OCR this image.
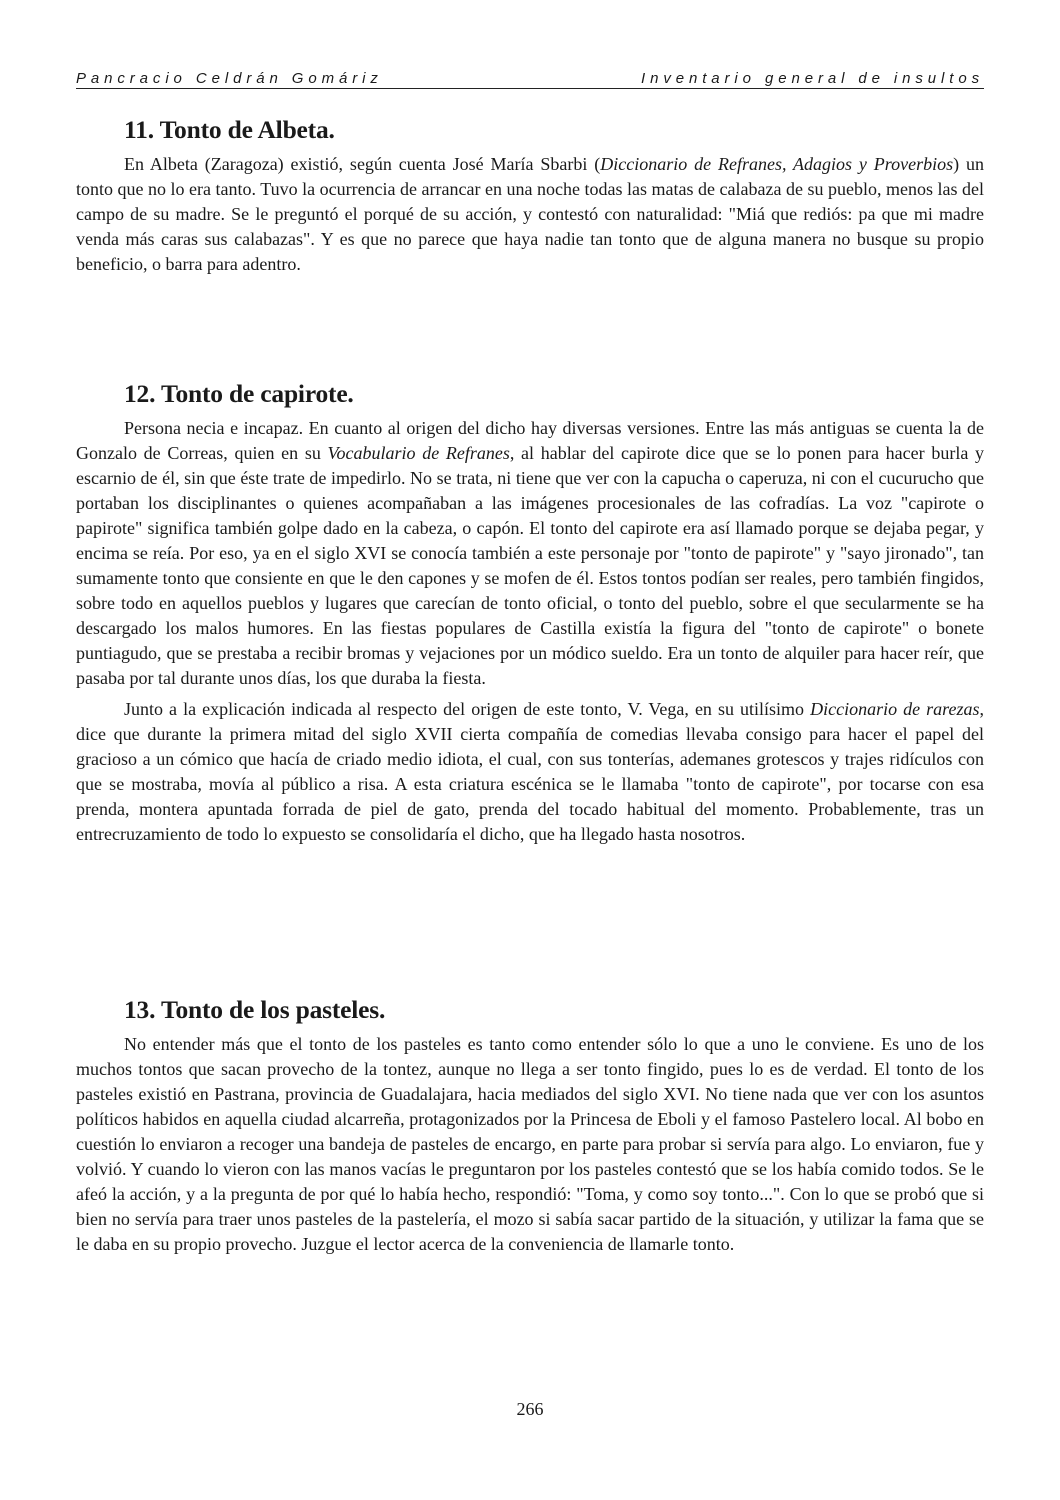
Pancracio Celdrán Gomáriz	Inventario general de insultos
11. Tonto de Albeta.

En Albeta (Zaragoza) existió, según cuenta José María Sbarbi (Diccionario de Refranes, Adagios y Proverbios) un tonto que no lo era tanto. Tuvo la ocurrencia de arrancar en una noche todas las matas de calabaza de su pueblo, menos las del campo de su madre. Se le preguntó el porqué de su acción, y contestó con naturalidad: "Miá que rediós: pa que mi madre venda más caras sus calabazas". Y es que no parece que haya nadie tan tonto que de alguna manera no busque su propio beneficio, o barra para adentro.

12. Tonto de capirote.

Persona necia e incapaz. En cuanto al origen del dicho hay diversas versiones. Entre las más antiguas se cuenta la de Gonzalo de Correas, quien en su Vocabulario de Refranes, al hablar del capirote dice que se lo ponen para hacer burla y escarnio de él, sin que éste trate de impedirlo. No se trata, ni tiene que ver con la capucha o caperuza, ni con el cucurucho que portaban los disciplinantes o quienes acompañaban a las imágenes procesionales de las cofradías. La voz "capirote o papirote" significa también golpe dado en la cabeza, o capón. El tonto del capirote era así llamado porque se dejaba pegar, y encima se reía. Por eso, ya en el siglo XVI se conocía también a este personaje por "tonto de papirote" y "sayo jironado", tan sumamente tonto que consiente en que le den capones y se mofen de él. Estos tontos podían ser reales, pero también fingidos, sobre todo en aquellos pueblos y lugares que carecían de tonto oficial, o tonto del pueblo, sobre el que secularmente se ha descargado los malos humores. En las fiestas populares de Castilla existía la figura del "tonto de capirote" o bonete puntiagudo, que se prestaba a recibir bromas y vejaciones por un módico sueldo. Era un tonto de alquiler para hacer reír, que pasaba por tal durante unos días, los que duraba la fiesta.

Junto a la explicación indicada al respecto del origen de este tonto, V. Vega, en su utilísimo Diccionario de rarezas, dice que durante la primera mitad del siglo XVII cierta compañía de comedias llevaba consigo para hacer el papel del gracioso a un cómico que hacía de criado medio idiota, el cual, con sus tonterías, ademanes grotescos y trajes ridículos con que se mostraba, movía al público a risa. A esta criatura escénica se le llamaba "tonto de capirote", por tocarse con esa prenda, montera apuntada forrada de piel de gato, prenda del tocado habitual del momento. Probablemente, tras un entrecruzamiento de todo lo expuesto se consolidaría el dicho, que ha llegado hasta nosotros.

13. Tonto de los pasteles.

No entender más que el tonto de los pasteles es tanto como entender sólo lo que a uno le conviene. Es uno de los muchos tontos que sacan provecho de la tontez, aunque no llega a ser tonto fingido, pues lo es de verdad. El tonto de los pasteles existió en Pastrana, provincia de Guadalajara, hacia mediados del siglo XVI. No tiene nada que ver con los asuntos políticos habidos en aquella ciudad alcarreña, protagonizados por la Princesa de Eboli y el famoso Pastelero local. Al bobo en cuestión lo enviaron a recoger una bandeja de pasteles de encargo, en parte para probar si servía para algo. Lo enviaron, fue y volvió. Y cuando lo vieron con las manos vacías le preguntaron por los pasteles contestó que se los había comido todos. Se le afeó la acción, y a la pregunta de por qué lo había hecho, respondió: "Toma, y como soy tonto...". Con lo que se probó que si bien no servía para traer unos pasteles de la pastelería, el mozo si sabía sacar partido de la situación, y utilizar la fama que se le daba en su propio provecho. Juzgue el lector acerca de la conveniencia de llamarle tonto.

266
